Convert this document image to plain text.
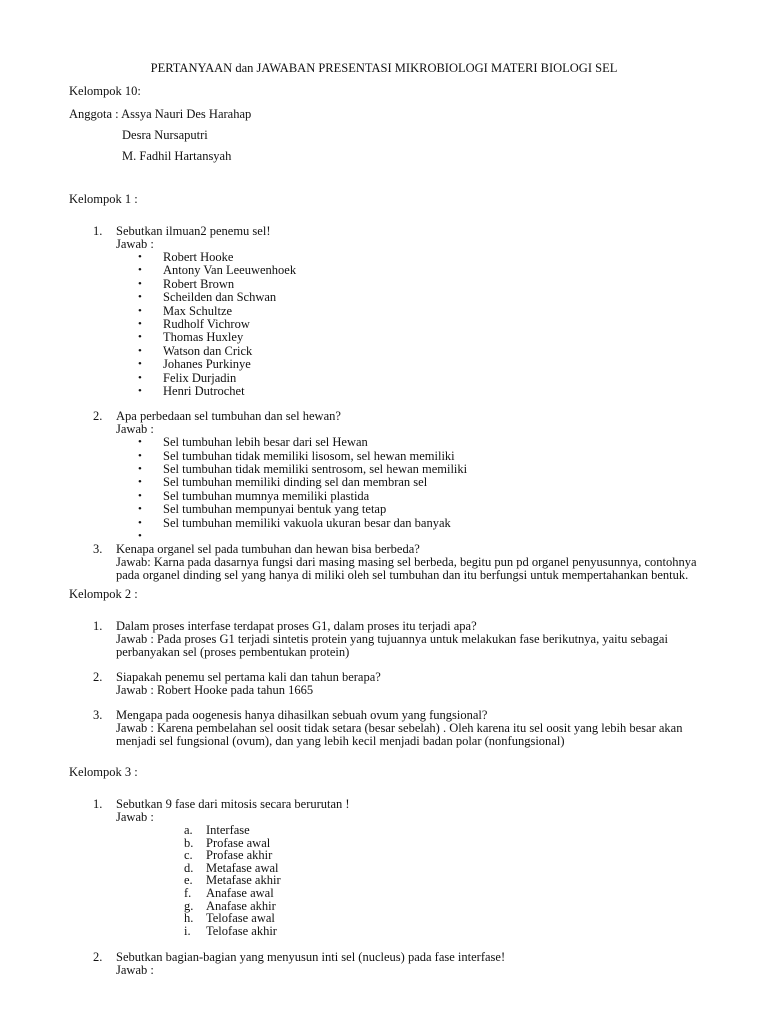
PERTANYAAN dan JAWABAN PRESENTASI MIKROBIOLOGI MATERI BIOLOGI SEL
Kelompok 10:
Anggota : Assya Nauri Des Harahap
Desra Nursaputri
M. Fadhil Hartansyah
Kelompok 1 :
1. Sebutkan ilmuan2 penemu sel!
Jawab :
• Robert Hooke
• Antony Van Leeuwenhoek
• Robert Brown
• Scheilden dan Schwan
• Max Schultze
• Rudholf Vichrow
• Thomas Huxley
• Watson dan Crick
• Johanes Purkinye
• Felix Durjadin
• Henri Dutrochet
2. Apa perbedaan sel tumbuhan dan sel hewan?
Jawab :
• Sel tumbuhan lebih besar dari sel Hewan
• Sel tumbuhan tidak memiliki lisosom, sel hewan memiliki
• Sel tumbuhan tidak memiliki sentrosom, sel hewan memiliki
• Sel tumbuhan memiliki dinding sel dan membran sel
• Sel tumbuhan mumnya memiliki plastida
• Sel tumbuhan mempunyai bentuk yang tetap
• Sel tumbuhan memiliki vakuola ukuran besar dan banyak
•
3. Kenapa organel sel pada tumbuhan dan hewan bisa berbeda?
Jawab: Karna pada dasarnya fungsi dari masing masing sel berbeda, begitu pun pd organel penyusunnya, contohnya
pada organel dinding sel yang hanya di miliki oleh sel tumbuhan dan itu berfungsi untuk mempertahankan bentuk.
Kelompok 2 :
1. Dalam proses interfase terdapat proses G1, dalam proses itu terjadi apa?
Jawab : Pada proses G1 terjadi sintetis protein yang tujuannya untuk melakukan fase berikutnya, yaitu sebagai
perbanyakan sel (proses pembentukan protein)
2. Siapakah penemu sel pertama kali dan tahun berapa?
Jawab : Robert Hooke pada tahun 1665
3. Mengapa pada oogenesis hanya dihasilkan sebuah ovum yang fungsional?
Jawab : Karena pembelahan sel oosit tidak setara (besar sebelah) . Oleh karena itu sel oosit yang lebih besar akan
menjadi sel fungsional (ovum), dan yang lebih kecil menjadi badan polar (nonfungsional)
Kelompok 3 :
1. Sebutkan 9 fase dari mitosis secara berurutan !
Jawab :
a. Interfase
b. Profase awal
c. Profase akhir
d. Metafase awal
e. Metafase akhir
f. Anafase awal
g. Anafase akhir
h. Telofase awal
i. Telofase akhir
2. Sebutkan bagian-bagian yang menyusun inti sel (nucleus) pada fase interfase!
Jawab :
